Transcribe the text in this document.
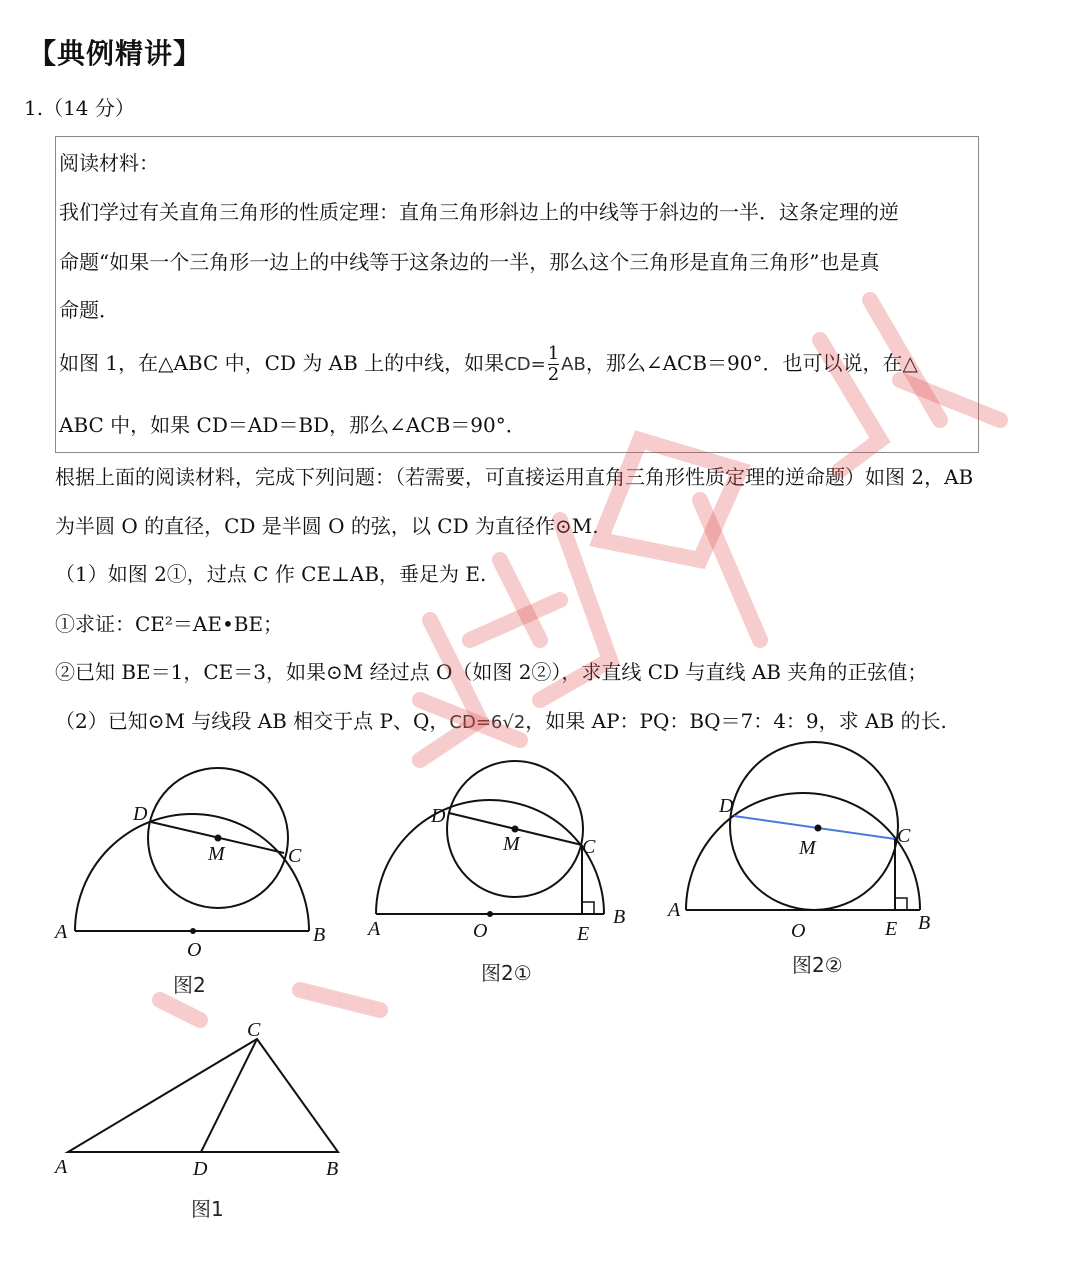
【典例精讲】
1.（14 分）
阅读材料：
我们学过有关直角三角形的性质定理：直角三角形斜边上的中线等于斜边的一半．这条定理的逆
命题“如果一个三角形一边上的中线等于这条边的一半，那么这个三角形是直角三角形”也是真
命题．
如图 1，在△ABC 中，CD 为 AB 上的中线，如果$CD= \frac{1}{2}$ AB，那么∠ACB＝90°．也可以说，在△
ABC 中，如果 CD＝AD＝BD，那么∠ACB＝90°．
根据上面的阅读材料，完成下列问题：（若需要，可直接运用直角三角形性质定理的逆命题）如图 2，AB
为半圆 O 的直径，CD 是半圆 O 的弦，以 CD 为直径作⊙M.
（1）如图 2①，过点 C 作 CE⊥AB，垂足为 E.
①求证：CE²＝AE•BE；
②已知 BE＝1，CE＝3，如果⊙M 经过点 O（如图 2②），求直线 CD 与直线 AB 夹角的正弦值；
（2）已知⊙M 与线段 AB 相交于点 P、Q，CD=6√2，如果 AP：PQ：BQ＝7：4：9，求 AB 的长.
A	B
O
D
C
M
A
B
O
D
C
M
E
A
B
O
D
C
M
E
A	B
C
D
图2	图2①	图2②
图1
